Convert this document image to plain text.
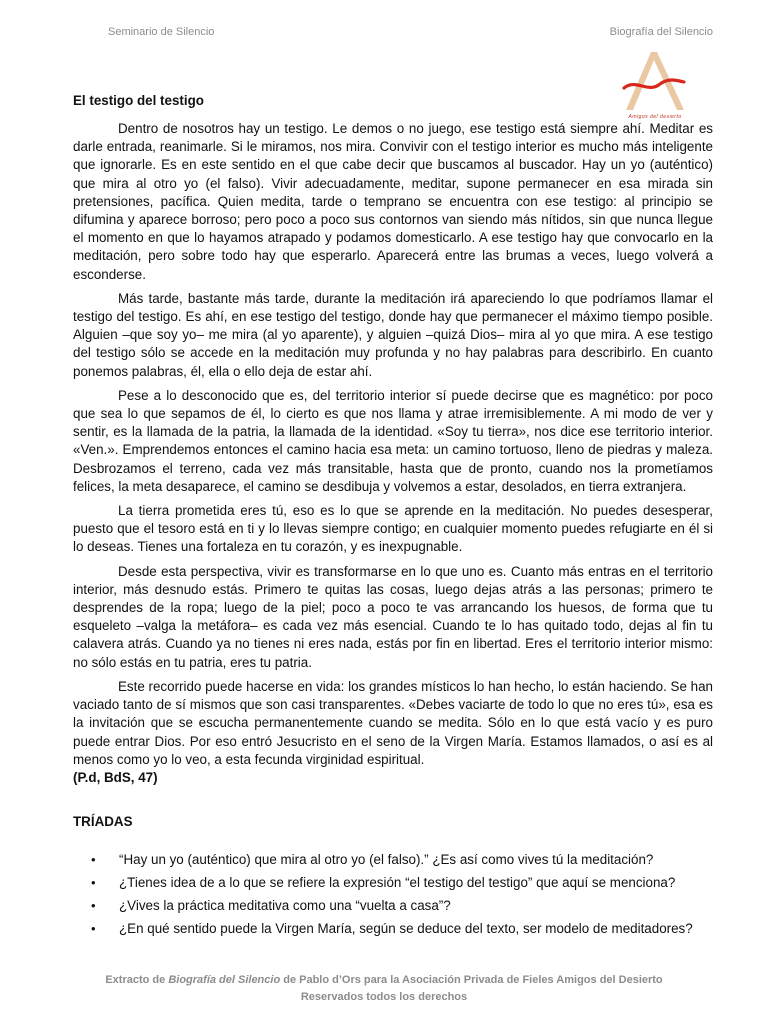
Seminario de Silencio	Biografía del Silencio
Amigos del desierto
El testigo del testigo

Dentro de nosotros hay un testigo. Le demos o no juego, ese testigo está siempre ahí. Meditar es darle entrada, reanimarle. Si le miramos, nos mira. Convivir con el testigo interior es mucho más inteligente que ignorarle. Es en este sentido en el que cabe decir que buscamos al buscador. Hay un yo (auténtico) que mira al otro yo (el falso). Vivir adecuadamente, meditar, supone permanecer en esa mirada sin pretensiones, pacífica. Quien medita, tarde o temprano se encuentra con ese testigo: al principio se difumina y aparece borroso; pero poco a poco sus contornos van siendo más nítidos, sin que nunca llegue el momento en que lo hayamos atrapado y podamos domesticarlo. A ese testigo hay que convocarlo en la meditación, pero sobre todo hay que esperarlo. Aparecerá entre las brumas a veces, luego volverá a esconderse.

Más tarde, bastante más tarde, durante la meditación irá apareciendo lo que podríamos llamar el testigo del testigo. Es ahí, en ese testigo del testigo, donde hay que permanecer el máximo tiempo posible. Alguien –que soy yo– me mira (al yo aparente), y alguien –quizá Dios– mira al yo que mira. A ese testigo del testigo sólo se accede en la meditación muy profunda y no hay palabras para describirlo. En cuanto ponemos palabras, él, ella o ello deja de estar ahí.

Pese a lo desconocido que es, del territorio interior sí puede decirse que es magnético: por poco que sea lo que sepamos de él, lo cierto es que nos llama y atrae irremisiblemente. A mi modo de ver y sentir, es la llamada de la patria, la llamada de la identidad. «Soy tu tierra», nos dice ese territorio interior. «Ven.». Emprendemos entonces el camino hacia esa meta: un camino tortuoso, lleno de piedras y maleza. Desbrozamos el terreno, cada vez más transitable, hasta que de pronto, cuando nos la prometíamos felices, la meta desaparece, el camino se desdibuja y volvemos a estar, desolados, en tierra extranjera.

La tierra prometida eres tú, eso es lo que se aprende en la meditación. No puedes desesperar, puesto que el tesoro está en ti y lo llevas siempre contigo; en cualquier momento puedes refugiarte en él si lo deseas. Tienes una fortaleza en tu corazón, y es inexpugnable.

Desde esta perspectiva, vivir es transformarse en lo que uno es. Cuanto más entras en el territorio interior, más desnudo estás. Primero te quitas las cosas, luego dejas atrás a las personas; primero te desprendes de la ropa; luego de la piel; poco a poco te vas arrancando los huesos, de forma que tu esqueleto –valga la metáfora– es cada vez más esencial. Cuando te lo has quitado todo, dejas al fin tu calavera atrás. Cuando ya no tienes ni eres nada, estás por fin en libertad. Eres el territorio interior mismo: no sólo estás en tu patria, eres tu patria.

Este recorrido puede hacerse en vida: los grandes místicos lo han hecho, lo están haciendo. Se han vaciado tanto de sí mismos que son casi transparentes. «Debes vaciarte de todo lo que no eres tú», esa es la invitación que se escucha permanentemente cuando se medita. Sólo en lo que está vacío y es puro puede entrar Dios. Por eso entró Jesucristo en el seno de la Virgen María. Estamos llamados, o así es al menos como yo lo veo, a esta fecunda virginidad espiritual.

(P.d, BdS, 47)

TRÍADAS
• “Hay un yo (auténtico) que mira al otro yo (el falso).” ¿Es así como vives tú la meditación?
• ¿Tienes idea de a lo que se refiere la expresión “el testigo del testigo” que aquí se menciona?
• ¿Vives la práctica meditativa como una “vuelta a casa”?
• ¿En qué sentido puede la Virgen María, según se deduce del texto, ser modelo de meditadores?
Extracto de Biografía del Silencio de Pablo d’Ors para la Asociación Privada de Fieles Amigos del Desierto
Reservados todos los derechos
